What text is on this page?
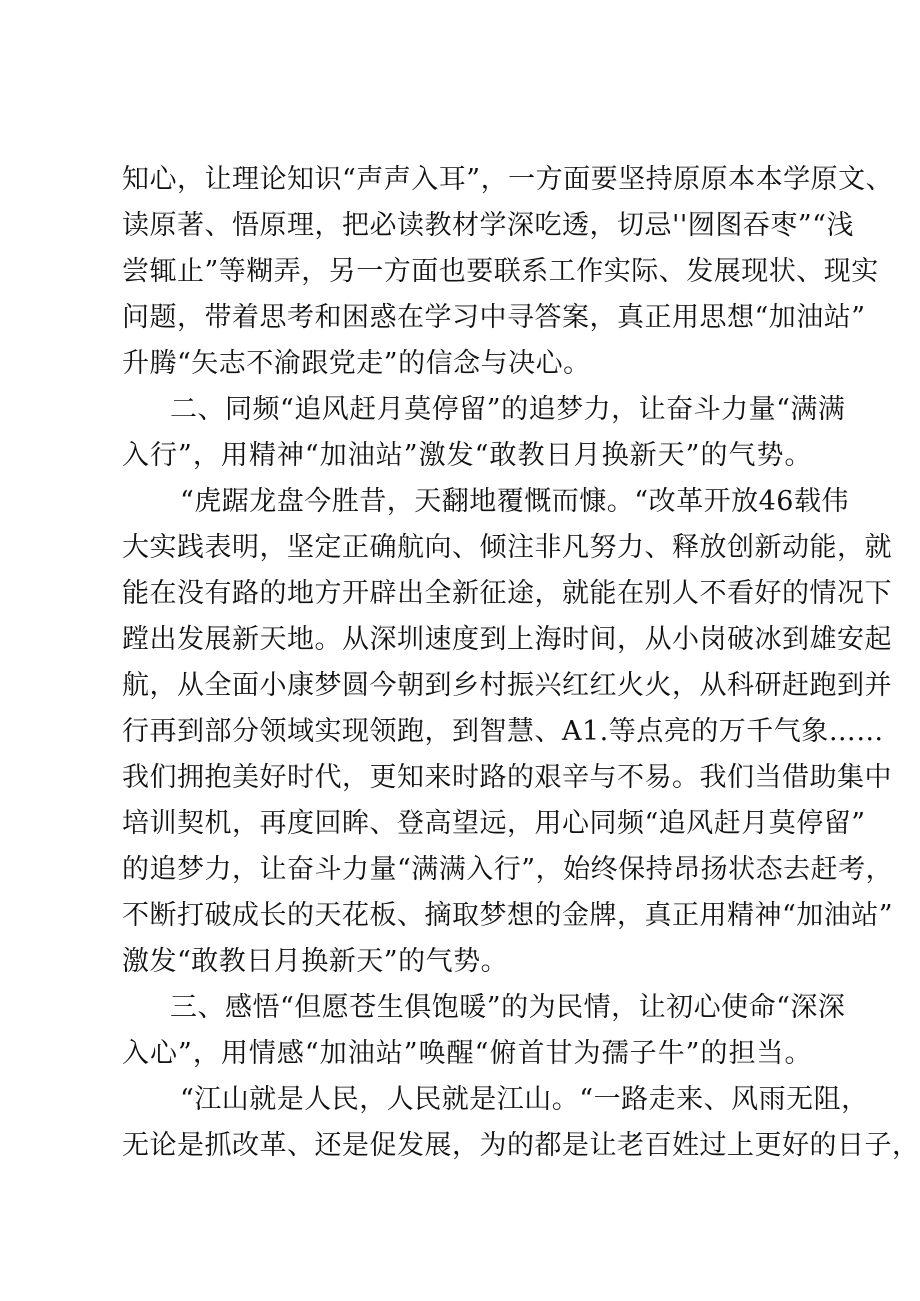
知心，让理论知识“声声入耳”，一方面要坚持原原本本学原文、
读原著、悟原理，把必读教材学深吃透，切忌''囫图吞枣”“浅
尝辄止”等糊弄，另一方面也要联系工作实际、发展现状、现实
问题，带着思考和困惑在学习中寻答案，真正用思想“加油站”
升腾“矢志不渝跟党走”的信念与决心。
二、同频“追风赶月莫停留”的追梦力，让奋斗力量“满满
入行”，用精神“加油站”激发“敢教日月换新天”的气势。
“虎踞龙盘今胜昔，天翻地覆慨而慷。“改革开放46载伟
大实践表明，坚定正确航向、倾注非凡努力、释放创新动能，就
能在没有路的地方开辟出全新征途，就能在别人不看好的情况下
蹚出发展新天地。从深圳速度到上海时间，从小岗破冰到雄安起
航，从全面小康梦圆今朝到乡村振兴红红火火，从科研赶跑到并
行再到部分领域实现领跑，到智慧、A1.等点亮的万千气象……
我们拥抱美好时代，更知来时路的艰辛与不易。我们当借助集中
培训契机，再度回眸、登高望远，用心同频“追风赶月莫停留”
的追梦力，让奋斗力量“满满入行”，始终保持昂扬状态去赶考，
不断打破成长的天花板、摘取梦想的金牌，真正用精神“加油站”
激发“敢教日月换新天”的气势。
三、感悟“但愿苍生俱饱暖”的为民情，让初心使命“深深
入心”，用情感“加油站”唤醒“俯首甘为孺子牛”的担当。
“江山就是人民，人民就是江山。“一路走来、风雨无阻，
无论是抓改革、还是促发展，为的都是让老百姓过上更好的日子，
